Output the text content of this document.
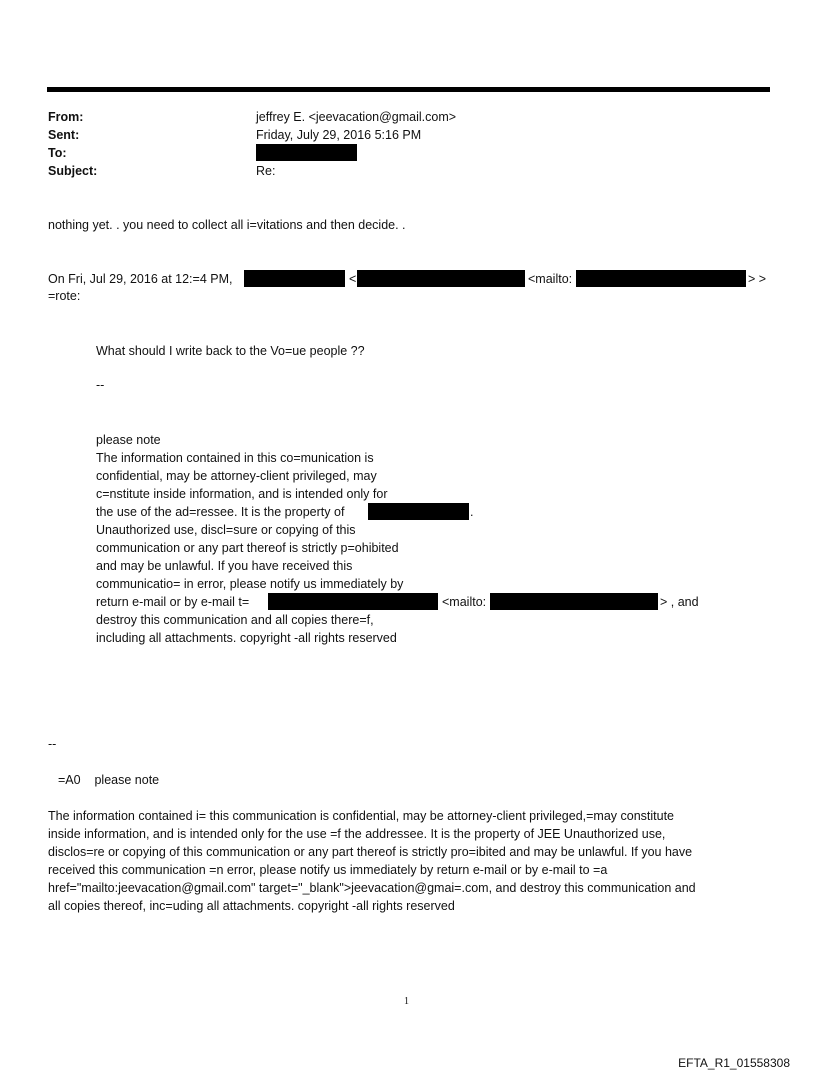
From:	jeffrey E. <jeevacation@gmail.com>
Sent:	Friday, July 29, 2016 5:16 PM
To:
Subject:	Re:
nothing yet. . you need to collect all i=vitations and then decide. .
On Fri, Jul 29, 2016 at 12:=4 PM,	<	<mailto:	> >
=rote:
What should I write back to the Vo=ue people ??
--
please note
The information contained in this co=munication is
confidential, may be attorney-client privileged, may
c=nstitute inside information, and is intended only for
the use of the ad=ressee. It is the property of	.
Unauthorized use, discl=sure or copying of this
communication or any part thereof is strictly p=ohibited
and may be unlawful. If you have received this
communicatio= in error, please notify us immediately by
return e-mail or by e-mail t=	<mailto:	> , and
destroy this communication and all copies there=f,
including all attachments. copyright -all rights reserved
--
=A0    please note
The information contained i= this communication is confidential, may be attorney-client privileged,=may constitute
inside information, and is intended only for the use =f the addressee. It is the property of JEE Unauthorized use,
disclos=re or copying of this communication or any part thereof is strictly pro=ibited and may be unlawful. If you have
received this communication =n error, please notify us immediately by return e-mail or by e-mail to =a
href="mailto:jeevacation@gmail.com" target="_blank">jeevacation@gmai=.com, and destroy this communication and
all copies thereof, inc=uding all attachments. copyright -all rights reserved
1
EFTA_R1_01558308
